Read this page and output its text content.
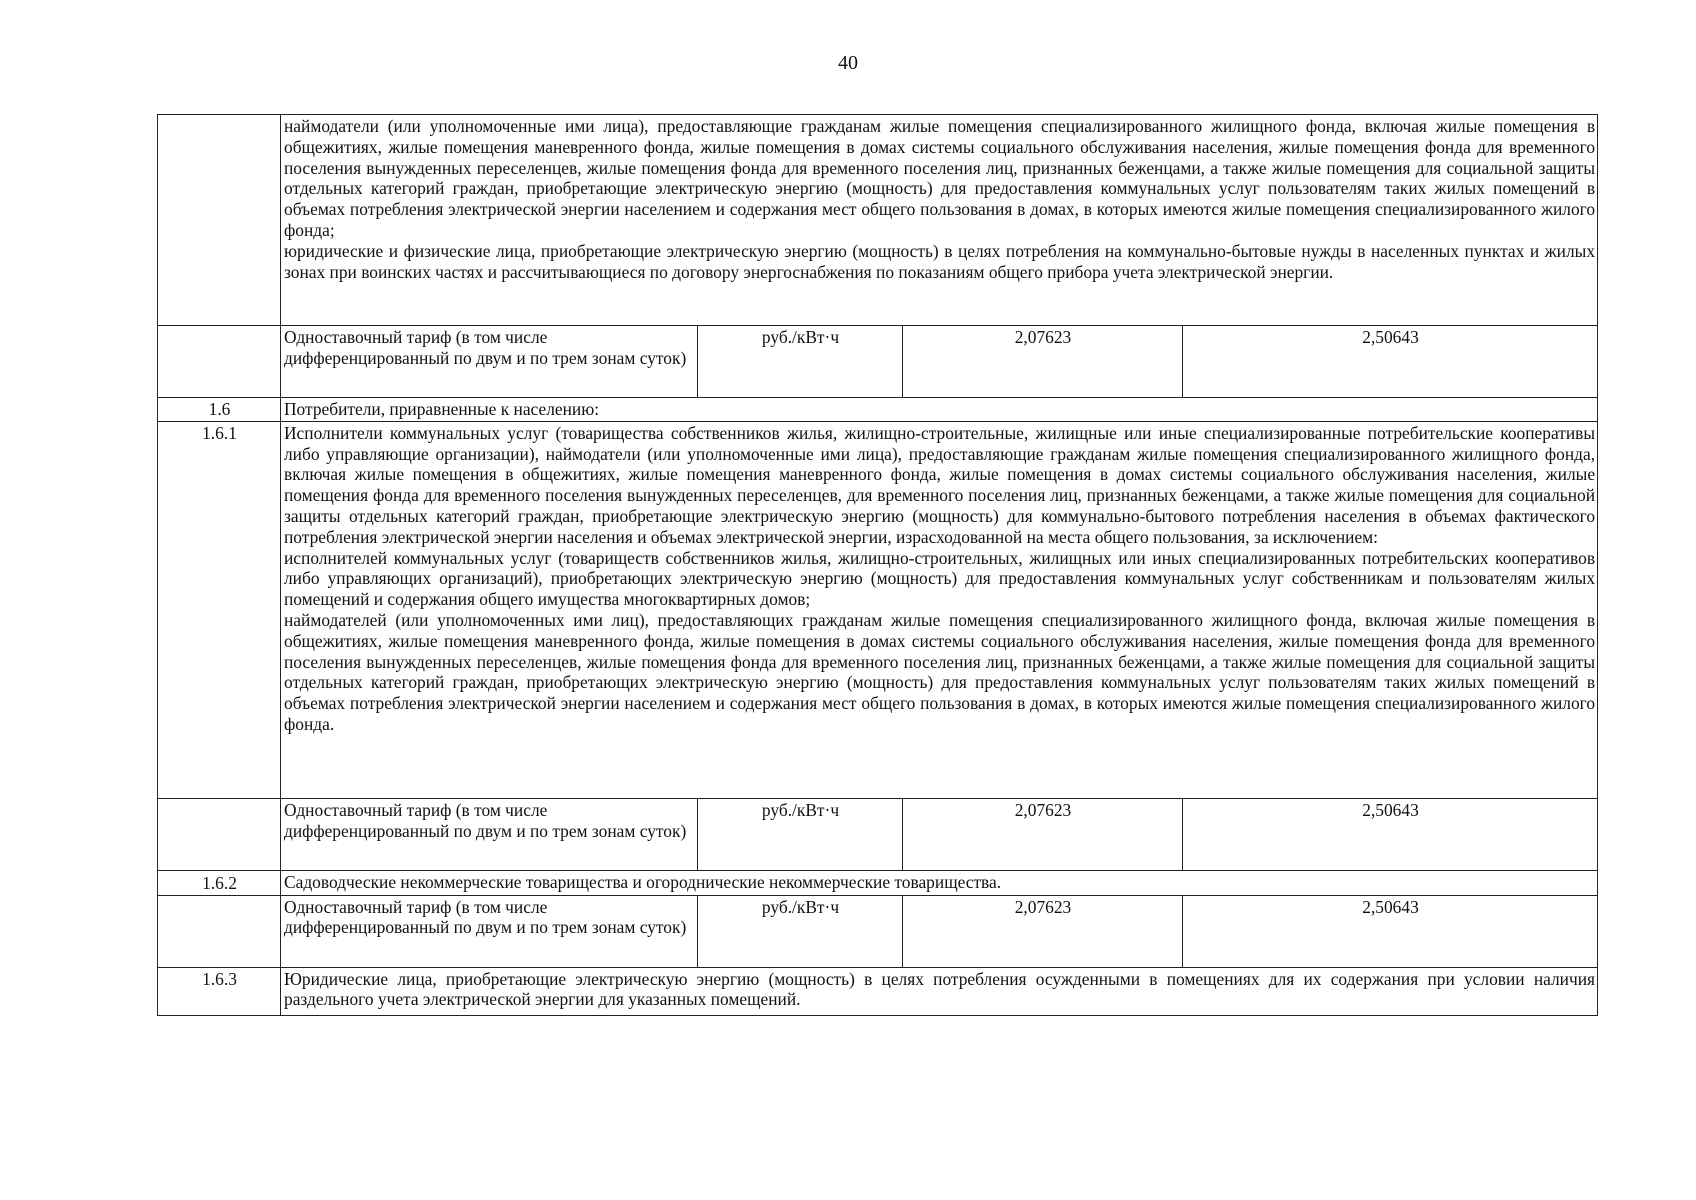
40
	наймодатели (или уполномоченные ими лица), предоставляющие гражданам жилые помещения специализированного жилищного фонда, включая жилые помещения в общежитиях, жилые помещения маневренного фонда, жилые помещения в домах системы социального обслуживания населения, жилые помещения фонда для временного поселения вынужденных переселенцев, жилые помещения фонда для временного поселения лиц, признанных беженцами, а также жилые помещения для социальной защиты отдельных категорий граждан, приобретающие электрическую энергию (мощность) для предоставления коммунальных услуг пользователям таких жилых помещений в объемах потребления электрической энергии населением и содержания мест общего пользования в домах, в которых имеются жилые помещения специализированного жилого фонда;
юридические и физические лица, приобретающие электрическую энергию (мощность) в целях потребления на коммунально-бытовые нужды в населенных пунктах и жилых зонах при воинских частях и рассчитывающиеся по договору энергоснабжения по показаниям общего прибора учета электрической энергии.			
	Одноставочный тариф (в том числе дифференцированный по двум и по трем зонам суток)	руб./кВт·ч	2,07623	2,50643
1.6	Потребители, приравненные к населению:			
1.6.1	Исполнители коммунальных услуг (товарищества собственников жилья, жилищно-строительные, жилищные или иные специализированные потребительские кооперативы либо управляющие организации), наймодатели (или уполномоченные ими лица), предоставляющие гражданам жилые помещения специализированного жилищного фонда, включая жилые помещения в общежитиях, жилые помещения маневренного фонда, жилые помещения в домах системы социального обслуживания населения, жилые помещения фонда для временного поселения вынужденных переселенцев, для временного поселения лиц, признанных беженцами, а также жилые помещения для социальной защиты отдельных категорий граждан, приобретающие электрическую энергию (мощность) для коммунально-бытового потребления населения в объемах фактического потребления электрической энергии населения и объемах электрической энергии, израсходованной на места общего пользования, за исключением:
исполнителей коммунальных услуг (товариществ собственников жилья, жилищно-строительных, жилищных или иных специализированных потребительских кооперативов либо управляющих организаций), приобретающих электрическую энергию (мощность) для предоставления коммунальных услуг собственникам и пользователям жилых помещений и содержания общего имущества многоквартирных домов;
наймодателей (или уполномоченных ими лиц), предоставляющих гражданам жилые помещения специализированного жилищного фонда, включая жилые помещения в общежитиях, жилые помещения маневренного фонда, жилые помещения в домах системы социального обслуживания населения, жилые помещения фонда для временного поселения вынужденных переселенцев, жилые помещения фонда для временного поселения лиц, признанных беженцами, а также жилые помещения для социальной защиты отдельных категорий граждан, приобретающих электрическую энергию (мощность) для предоставления коммунальных услуг пользователям таких жилых помещений в объемах потребления электрической энергии населением и содержания мест общего пользования в домах, в которых имеются жилые помещения специализированного жилого фонда.			
	Одноставочный тариф (в том числе дифференцированный по двум и по трем зонам суток)	руб./кВт·ч	2,07623	2,50643
1.6.2	Садоводческие некоммерческие товарищества и огороднические некоммерческие товарищества.			
	Одноставочный тариф (в том числе дифференцированный по двум и по трем зонам суток)	руб./кВт·ч	2,07623	2,50643
1.6.3	Юридические лица, приобретающие электрическую энергию (мощность) в целях потребления осужденными в помещениях для их содержания при условии наличия раздельного учета электрической энергии для указанных помещений.			
